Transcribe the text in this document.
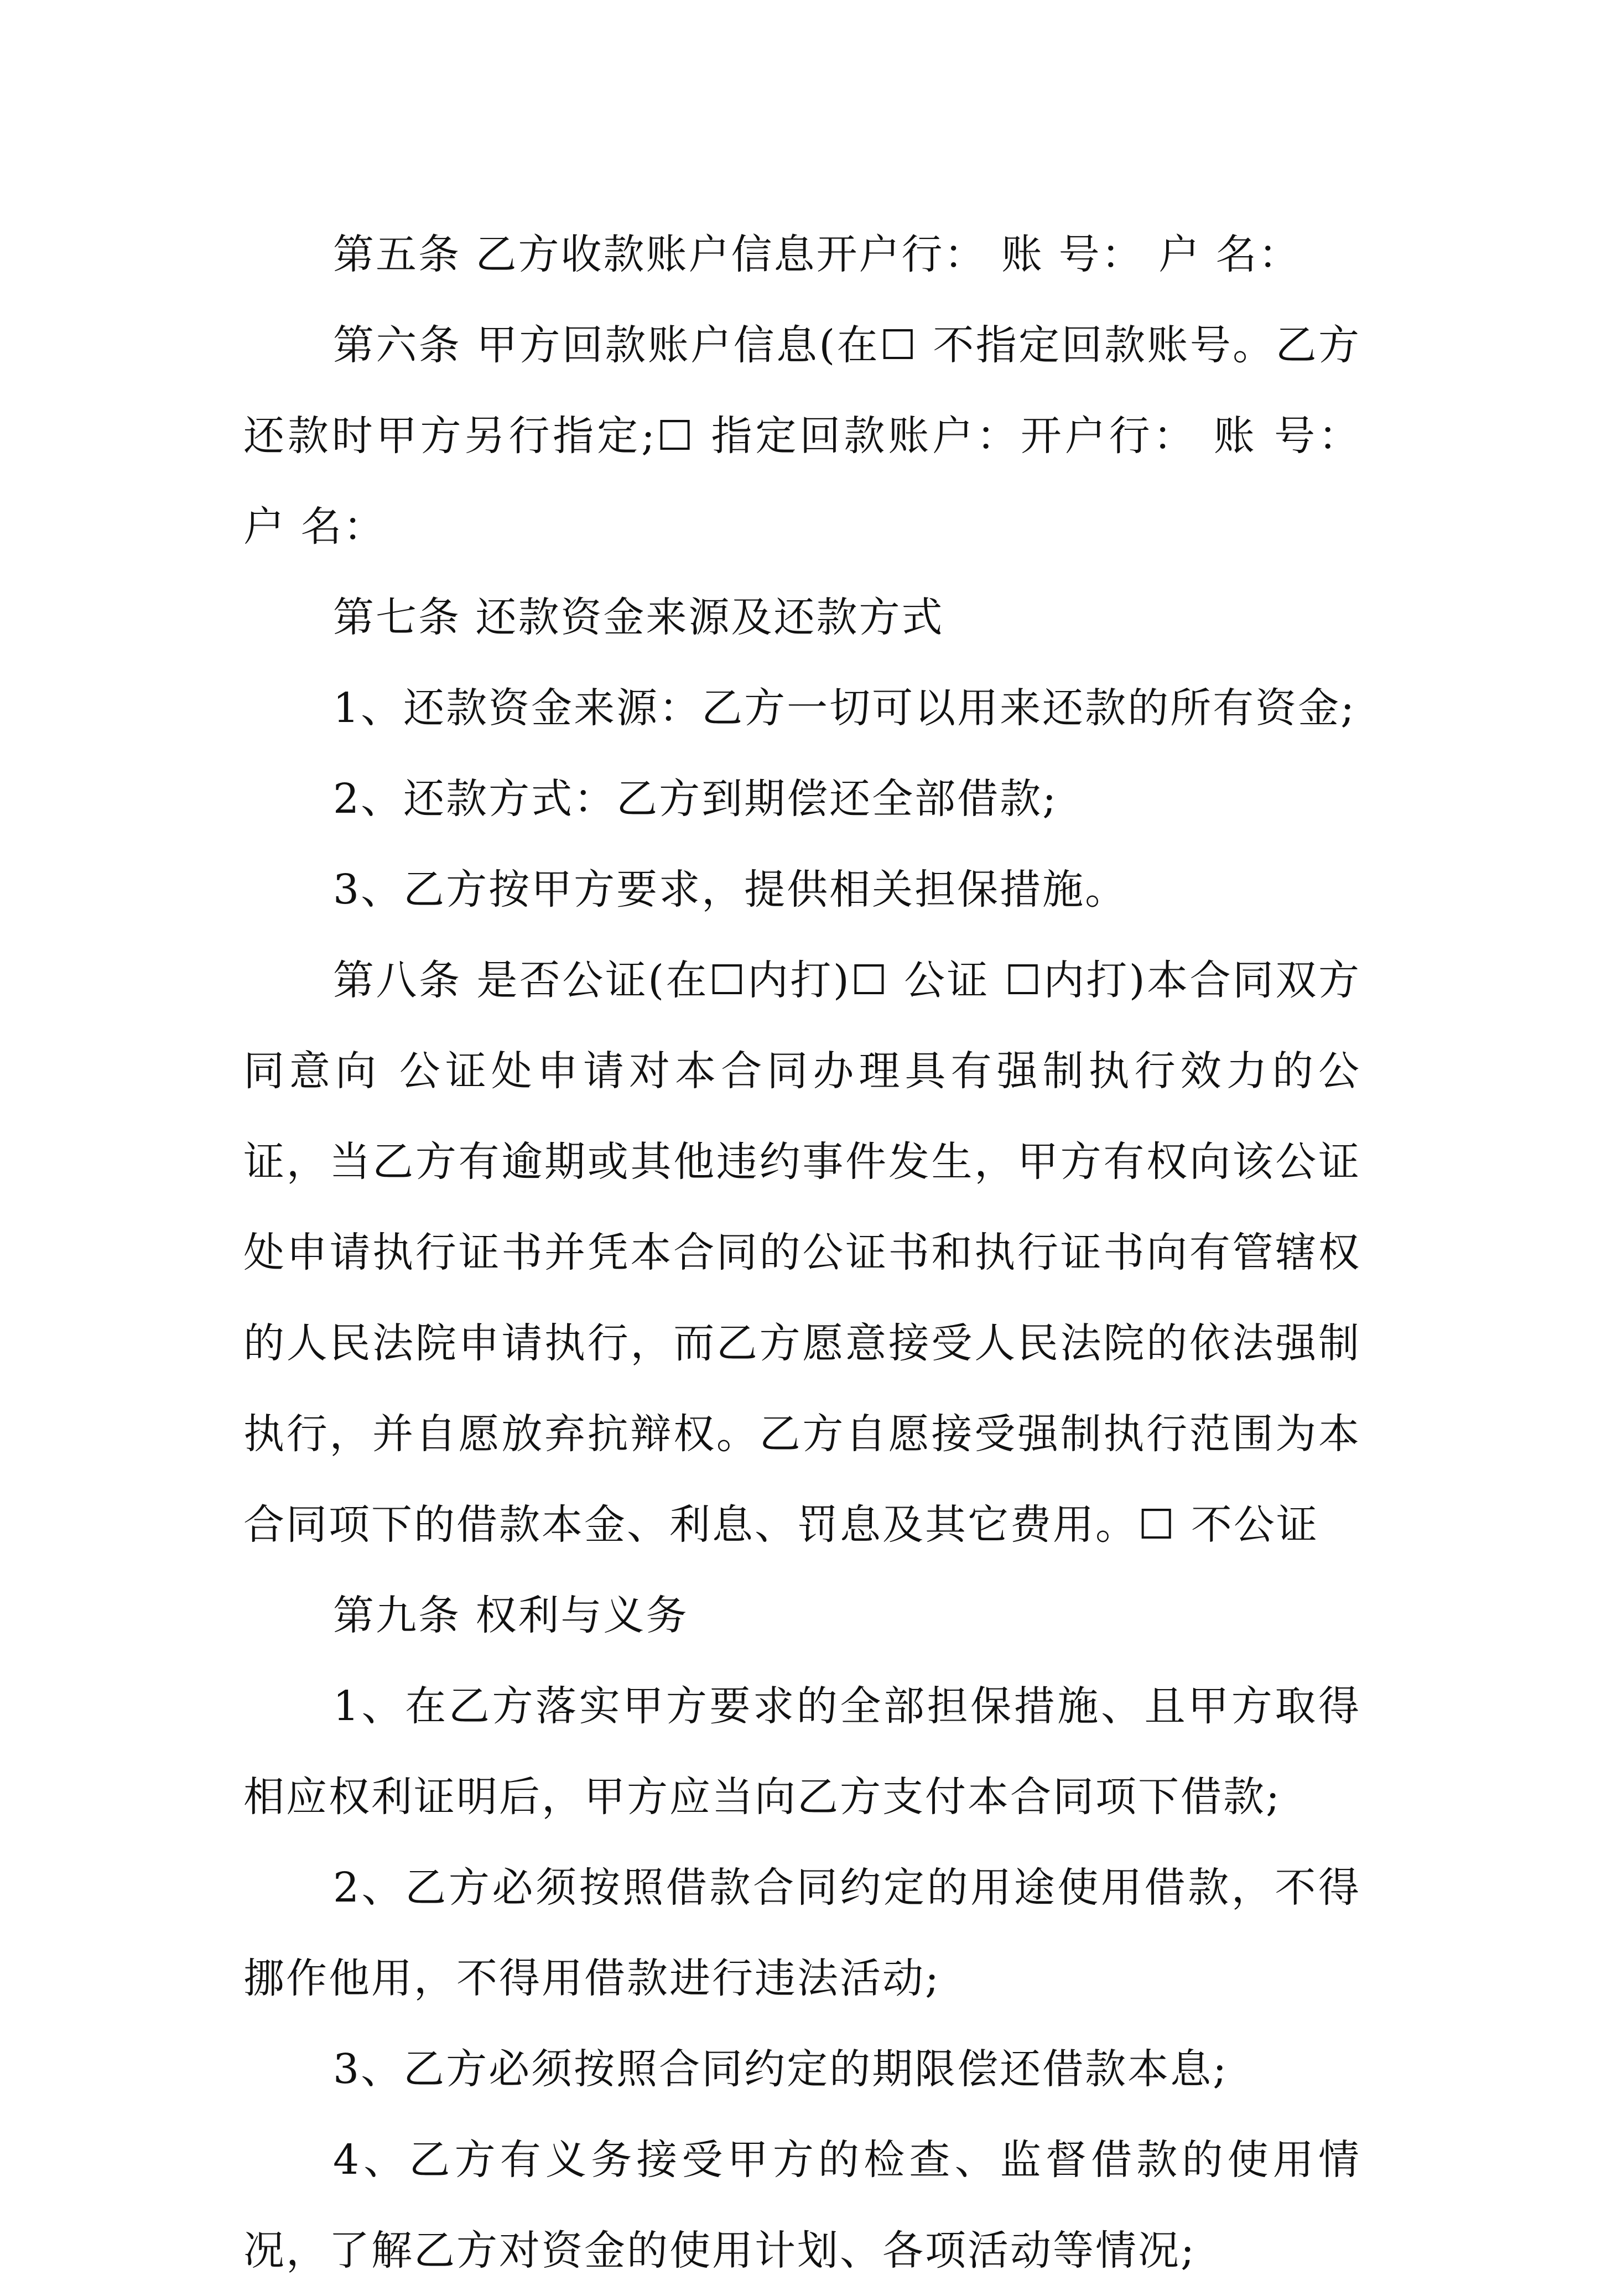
第五条 乙方收款账户信息开户行： 账 号： 户 名：

第六条 甲方回款账户信息(在☐ 不指定回款账号。乙方还款时甲方另行指定;☐ 指定回款账户：开户行： 账 号：户 名：

第七条 还款资金来源及还款方式

1、还款资金来源：乙方一切可以用来还款的所有资金;

2、还款方式：乙方到期偿还全部借款;

3、乙方按甲方要求，提供相关担保措施。

第八条 是否公证(在☐内打)☐ 公证 ☐内打)本合同双方同意向 公证处申请对本合同办理具有强制执行效力的公证，当乙方有逾期或其他违约事件发生，甲方有权向该公证处申请执行证书并凭本合同的公证书和执行证书向有管辖权的人民法院申请执行，而乙方愿意接受人民法院的依法强制执行，并自愿放弃抗辩权。乙方自愿接受强制执行范围为本合同项下的借款本金、利息、罚息及其它费用。☐ 不公证

第九条 权利与义务

1、在乙方落实甲方要求的全部担保措施、且甲方取得相应权利证明后，甲方应当向乙方支付本合同项下借款;

2、乙方必须按照借款合同约定的用途使用借款，不得挪作他用，不得用借款进行违法活动;

3、乙方必须按照合同约定的期限偿还借款本息;

4、乙方有义务接受甲方的检查、监督借款的使用情况，了解乙方对资金的使用计划、各项活动等情况;
